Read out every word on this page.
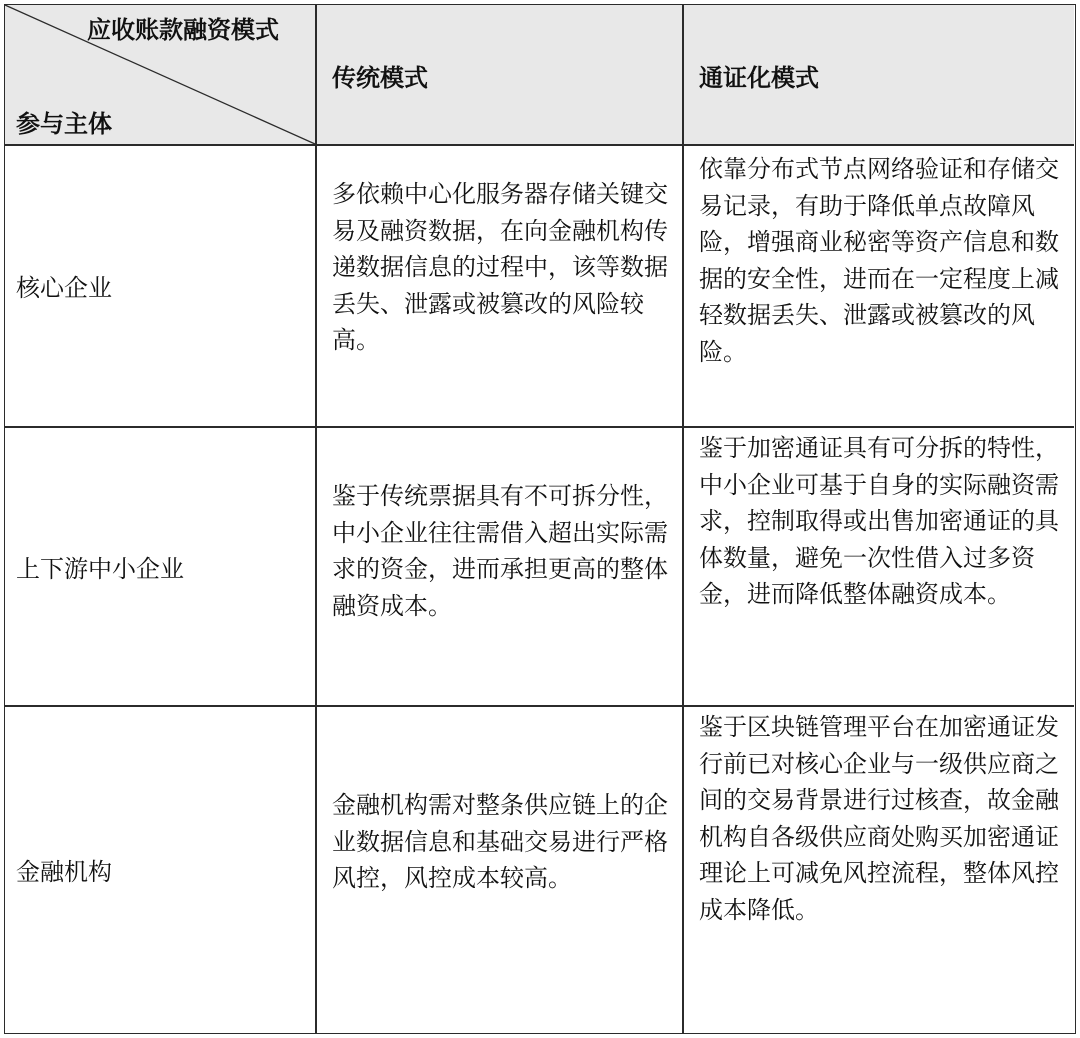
应收账款融资模式
参与主体
传统模式	通证化模式
核心企业
多依赖中心化服务器存储关键交易及融资数据，在向金融机构传递数据信息的过程中，该等数据丢失、泄露或被篡改的风险较高。
依靠分布式节点网络验证和存储交易记录，有助于降低单点故障风险，增强商业秘密等资产信息和数据的安全性，进而在一定程度上减轻数据丢失、泄露或被篡改的风险。
上下游中小企业
鉴于传统票据具有不可拆分性，中小企业往往需借入超出实际需求的资金，进而承担更高的整体融资成本。
鉴于加密通证具有可分拆的特性，中小企业可基于自身的实际融资需求，控制取得或出售加密通证的具体数量，避免一次性借入过多资金，进而降低整体融资成本。
金融机构
金融机构需对整条供应链上的企业数据信息和基础交易进行严格风控，风控成本较高。
鉴于区块链管理平台在加密通证发行前已对核心企业与一级供应商之间的交易背景进行过核查，故金融机构自各级供应商处购买加密通证理论上可减免风控流程，整体风控成本降低。
